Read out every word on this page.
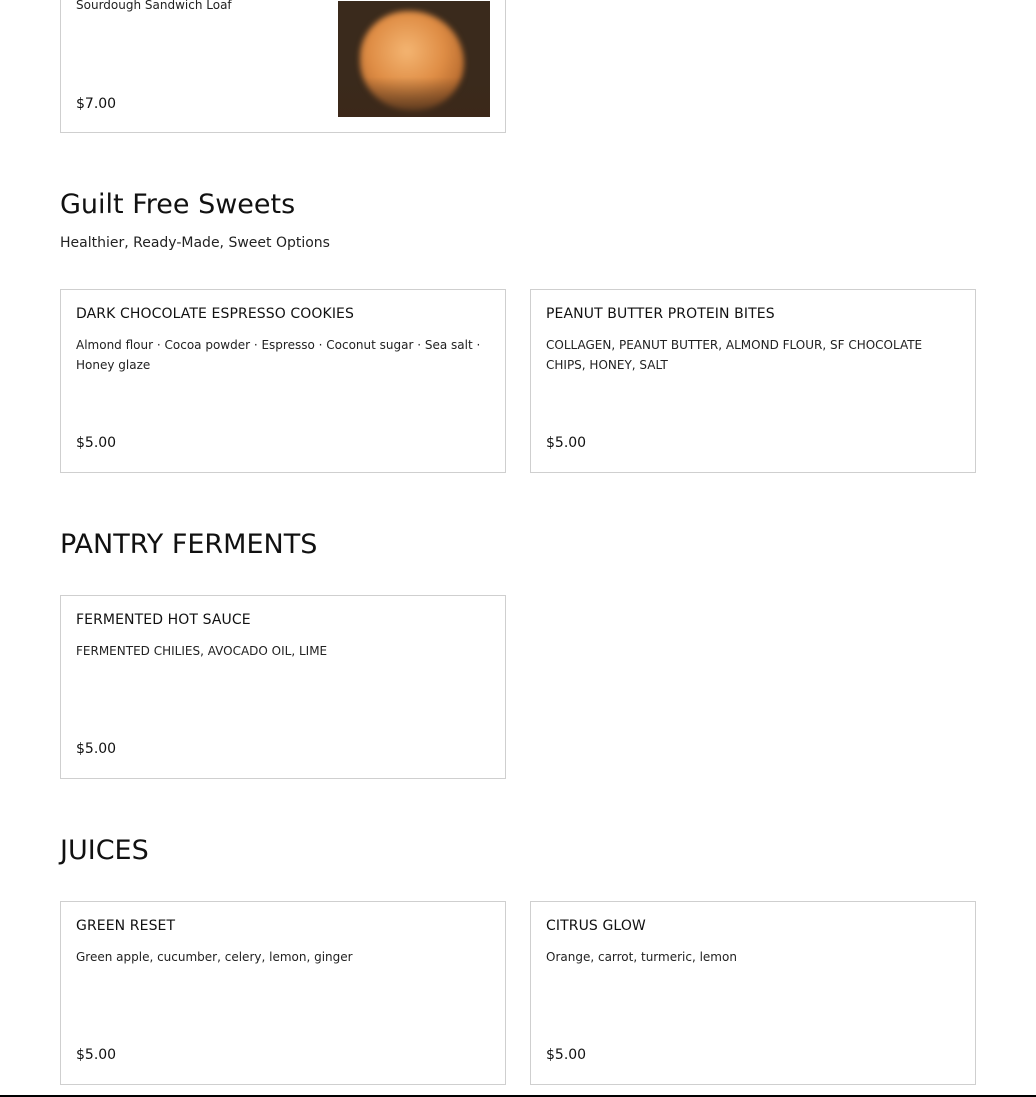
Sourdough Sandwich Loaf
$7.00
Guilt Free Sweets
Healthier, Ready-Made, Sweet Options
DARK CHOCOLATE ESPRESSO COOKIES
Almond flour · Cocoa powder · Espresso · Coconut sugar · Sea salt · Honey glaze
$5.00
PEANUT BUTTER PROTEIN BITES
COLLAGEN, PEANUT BUTTER, ALMOND FLOUR, SF CHOCOLATE CHIPS, HONEY, SALT
$5.00
PANTRY FERMENTS
FERMENTED HOT SAUCE
FERMENTED CHILIES, AVOCADO OIL, LIME
$5.00
JUICES
GREEN RESET
Green apple, cucumber, celery, lemon, ginger
$5.00
CITRUS GLOW
Orange, carrot, turmeric, lemon
$5.00
